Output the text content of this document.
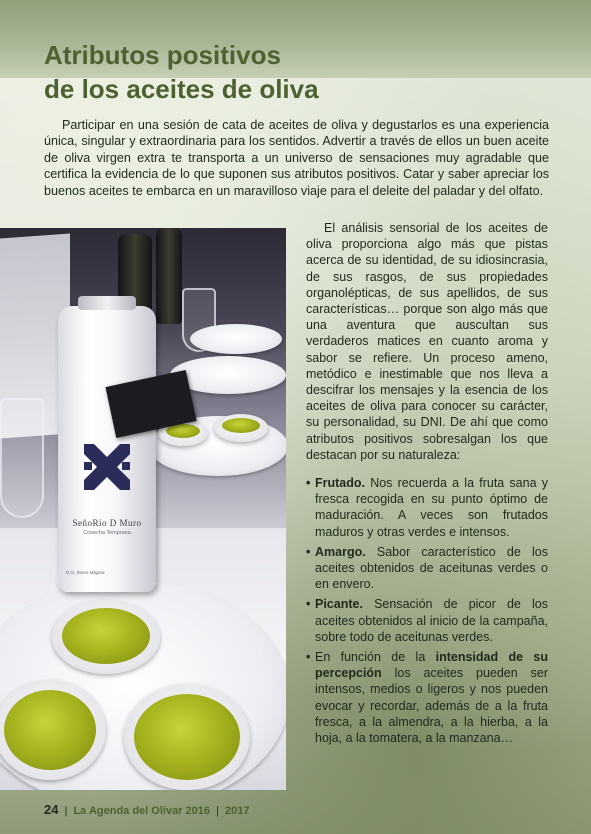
Atributos positivos
de los aceites de oliva

Participar en una sesión de cata de aceites de oliva y degustarlos es una experiencia única, singular y extraordinaria para los sentidos. Advertir a través de ellos un buen aceite de oliva virgen extra te transporta a un universo de sensaciones muy agradable que certifica la evidencia de lo que suponen sus atributos positivos. Catar y saber apreciar los buenos aceites te embarca en un maravilloso viaje para el deleite del paladar y del olfato.

SeñoRío D Muro
Cosecha Temprana
D.O. Sierra Mágina

El análisis sensorial de los aceites de oliva proporciona algo más que pistas acerca de su identidad, de su idiosincrasia, de sus rasgos, de sus propiedades organolépticas, de sus apellidos, de sus características… porque son algo más que una aventura que auscultan sus verdaderos matices en cuanto aroma y sabor se refiere. Un proceso ameno, metódico e inestimable que nos lleva a descifrar los mensajes y la esencia de los aceites de oliva para conocer su carácter, su personalidad, su DNI. De ahí que como atributos positivos sobresalgan los que destacan por su naturaleza:

• Frutado. Nos recuerda a la fruta sana y fresca recogida en su punto óptimo de maduración. A veces son frutados maduros y otras verdes e intensos.
• Amargo. Sabor característico de los aceites obtenidos de aceitunas verdes o en envero.
• Picante. Sensación de picor de los aceites obtenidos al inicio de la campaña, sobre todo de aceitunas verdes.
• En función de la intensidad de su percepción los aceites pueden ser intensos, medios o ligeros y nos pueden evocar y recordar, además de a la fruta fresca, a la almendra, a la hierba, a la hoja, a la tomatera, a la manzana…
24 | La Agenda del Olivar 2016 | 2017
